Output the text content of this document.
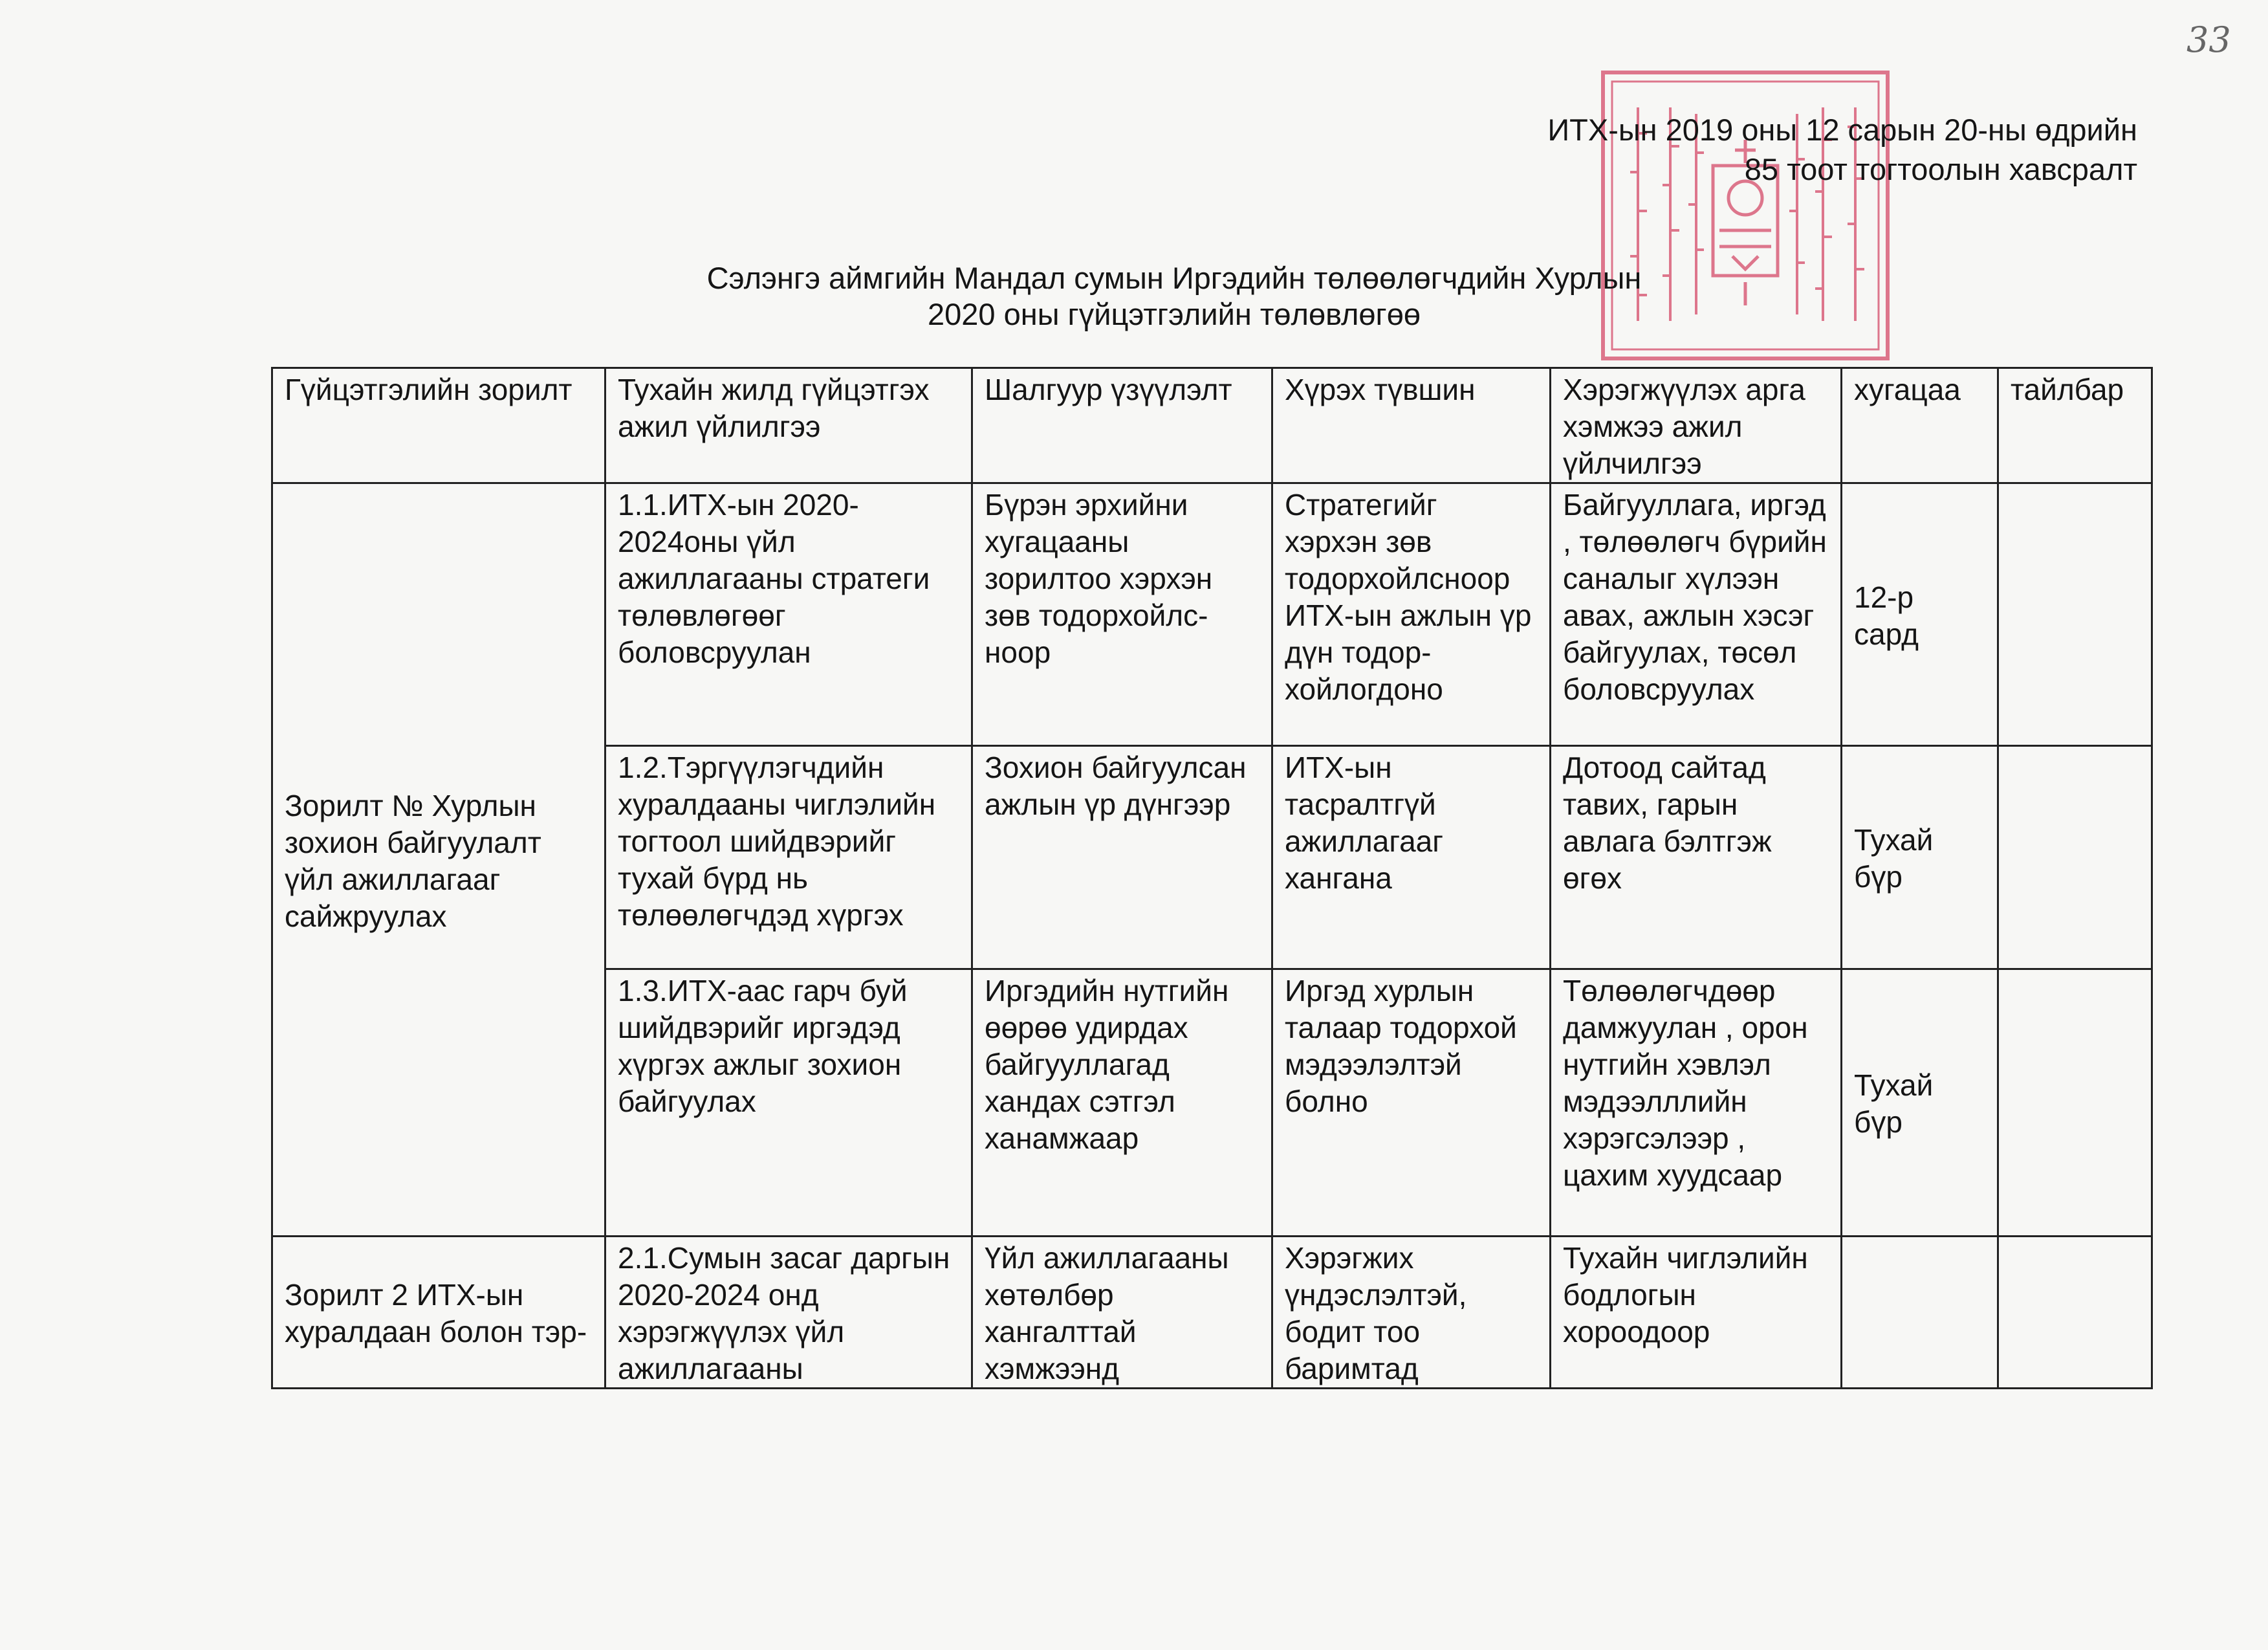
33
ИТХ-ын 2019 оны 12 сарын 20-ны өдрийн
85 тоот тогтоолын хавсралт
Сэлэнгэ аймгийн Мандал сумын Иргэдийн төлөөлөгчдийн Хурлын
2020 оны гүйцэтгэлийн төлөвлөгөө
Гүйцэтгэлийн зорилт	Тухайн жилд гүйцэтгэх ажил үйлилгээ	Шалгуур үзүүлэлт	Хүрэх түвшин	Хэрэгжүүлэх арга хэмжээ ажил үйлчилгээ	хугацаа	тайлбар
Зорилт № Хурлын зохион байгуулалт үйл ажиллагааг сайжруулах	1.1.ИТХ-ын 2020-2024оны үйл ажиллагааны стратеги төлөвлөгөөг боловсруулан	Бүрэн эрхийни хугацааны зорилтоо хэрхэн зөв тодорхойлс-ноор	Стратегийг хэрхэн зөв тодорхойлсноор ИТХ-ын ажлын үр дүн тодор-хойлогдоно	Байгууллага, иргэд , төлөөлөгч бүрийн саналыг хүлээн авах, ажлын хэсэг байгуулах, төсөл боловсруулах	12-р сард	
	1.2.Тэргүүлэгчдийн хуралдааны чиглэлийн тогтоол шийдвэрийг тухай бүрд нь төлөөлөгчдэд хүргэх	Зохион байгуулсан ажлын үр дүнгээр	ИТХ-ын тасралтгүй ажиллагааг хангана	Дотоод сайтад тавих, гарын авлага бэлтгэж өгөх	Тухай бүр	
	1.3.ИТХ-аас гарч буй шийдвэрийг иргэдэд хүргэх ажлыг зохион байгуулах	Иргэдийн нутгийн өөрөө удирдах байгууллагад хандах сэтгэл ханамжаар	Иргэд хурлын талаар тодорхой мэдээлэлтэй болно	Төлөөлөгчдөөр дамжуулан , орон нутгийн хэвлэл мэдээлллийн хэрэгсэлээр , цахим хуудсаар	Тухай бүр	
Зорилт 2 ИТХ-ын хуралдаан болон тэр-	2.1.Сумын засаг даргын 2020-2024 онд хэрэгжүүлэх үйл ажиллагааны	Үйл ажиллагааны хөтөлбөр хангалттай хэмжээнд	Хэрэгжих үндэслэлтэй, бодит тоо баримтад	Тухайн чиглэлийн бодлогын хороодоор		
